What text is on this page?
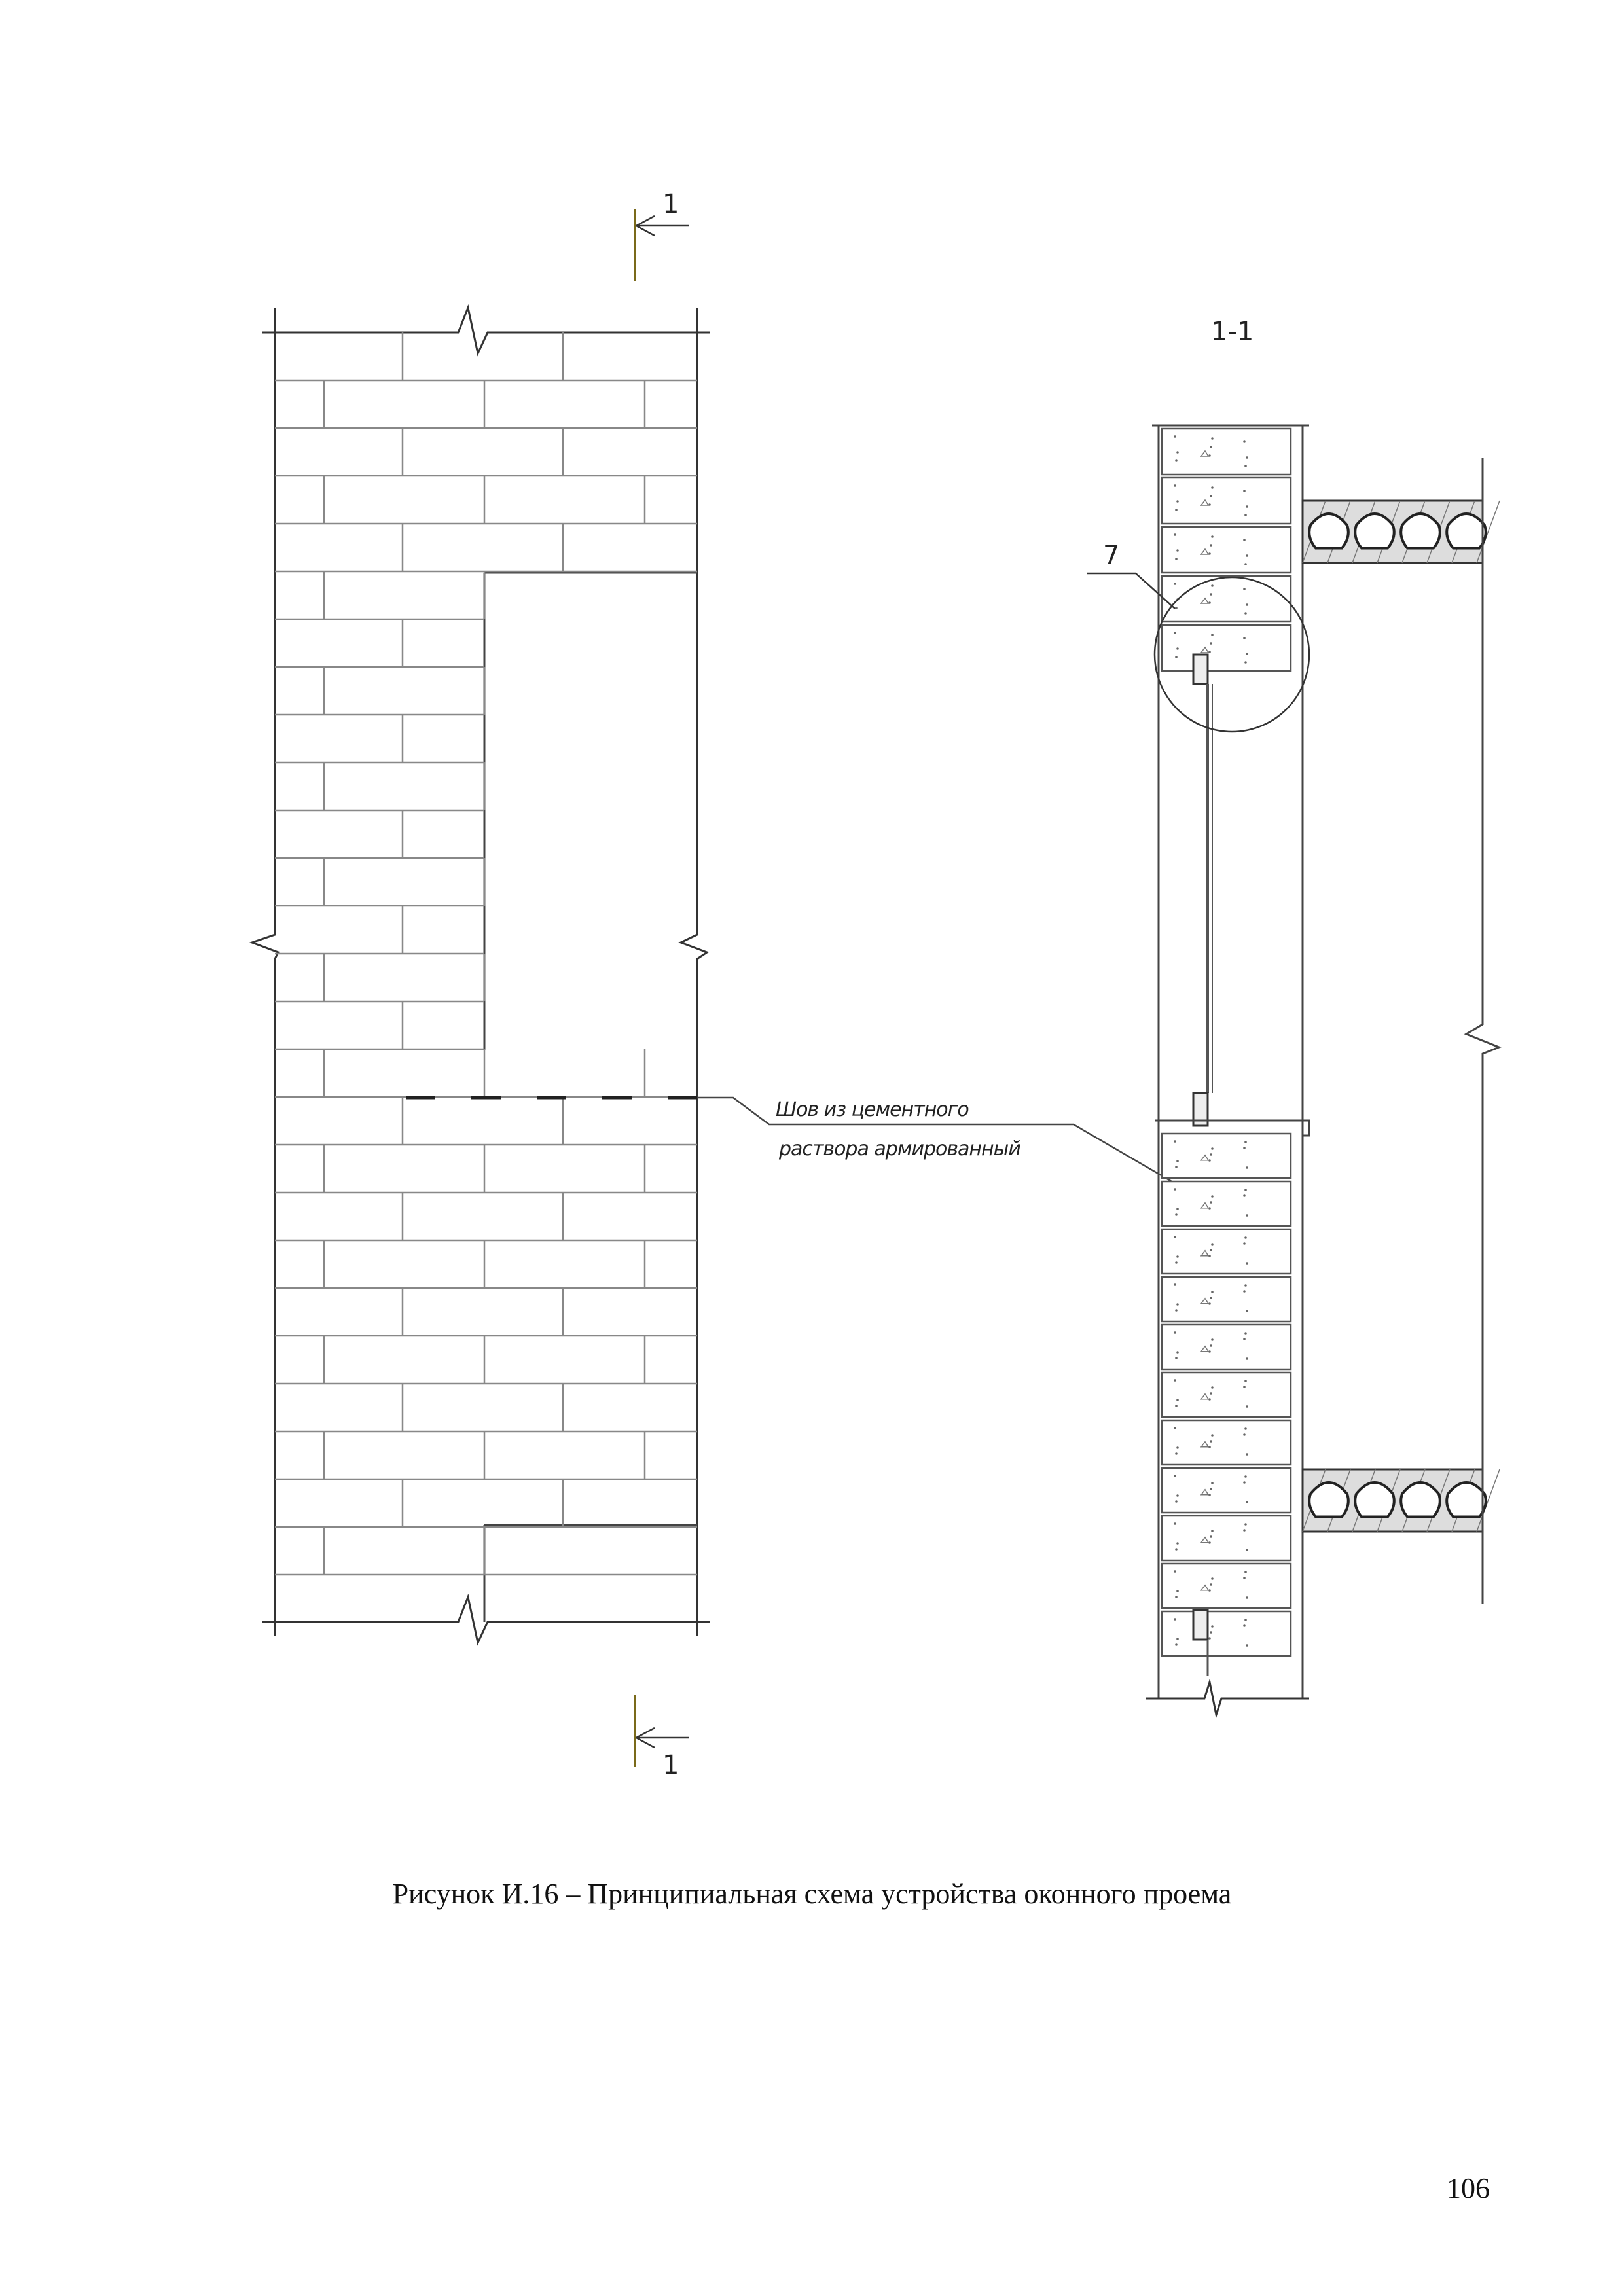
1
1
Шов из цементного
раствора армированный
1-1
7
Рисунок И.16 – Принципиальная схема устройства оконного проема
106
